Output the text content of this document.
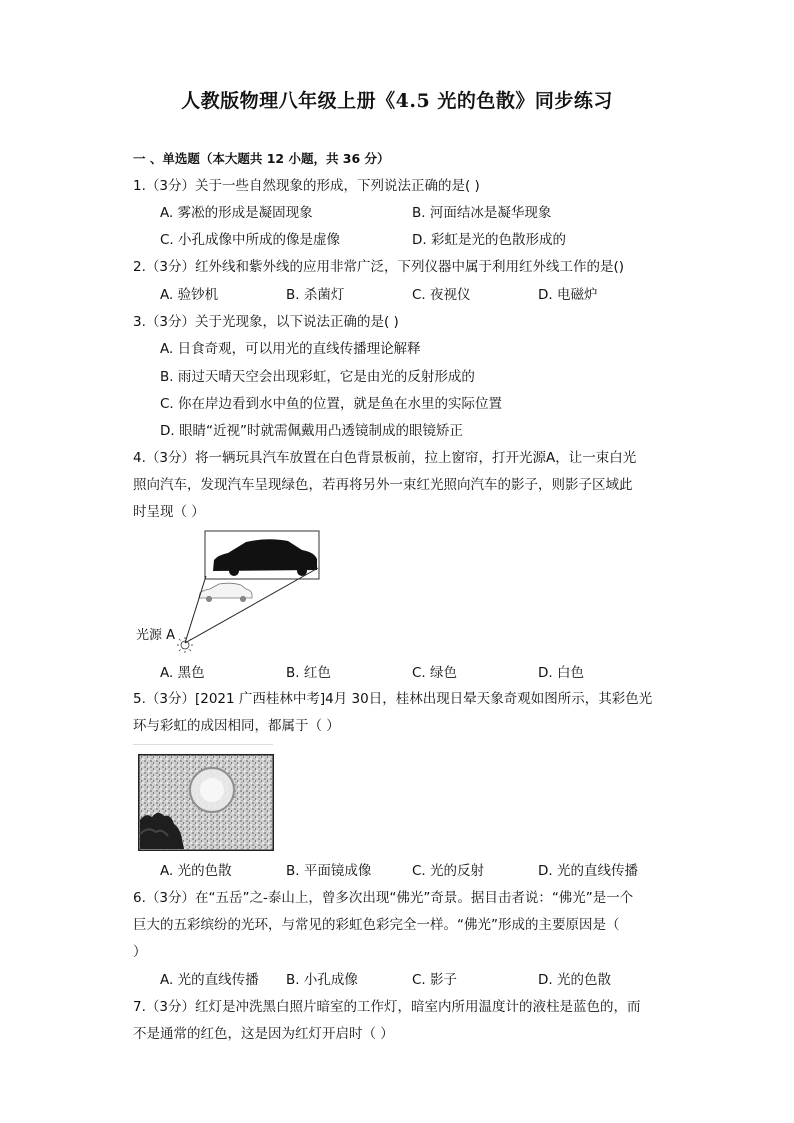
人教版物理八年级上册《4.5 光的色散》同步练习
一 、单选题（本大题共 12 小题，共 36 分）
1.（3分）关于一些自然现象的形成，下列说法正确的是( )
A. 雾凇的形成是凝固现象	B. 河面结冰是凝华现象
C. 小孔成像中所成的像是虚像	D. 彩虹是光的色散形成的
2.（3分）红外线和紫外线的应用非常广泛，下列仪器中属于利用红外线工作的是()
A. 验钞机	B. 杀菌灯	C. 夜视仪	D. 电磁炉
3.（3分）关于光现象，以下说法正确的是( )
A. 日食奇观，可以用光的直线传播理论解释
B. 雨过天晴天空会出现彩虹，它是由光的反射形成的
C. 你在岸边看到水中鱼的位置，就是鱼在水里的实际位置
D. 眼睛“近视”时就需佩戴用凸透镜制成的眼镜矫正
4.（3分）将一辆玩具汽车放置在白色背景板前，拉上窗帘，打开光源A，让一束白光
照向汽车，发现汽车呈现绿色，若再将另外一束红光照向汽车的影子，则影子区域此
时呈现（ ）
光源 A
A. 黑色	B. 红色	C. 绿色	D. 白色
5.（3分）[2021 广西桂林中考]4月 30日，桂林出现日晕天象奇观如图所示，其彩色光
环与彩虹的成因相同，都属于（ ）
A. 光的色散	B. 平面镜成像	C. 光的反射	D. 光的直线传播
6.（3分）在“五岳”之-泰山上，曾多次出现“佛光”奇景。据目击者说：“佛光”是一个
巨大的五彩缤纷的光环，与常见的彩虹色彩完全一样。“佛光”形成的主要原因是（
）
A. 光的直线传播 B. 小孔成像	C. 影子	D. 光的色散
7.（3分）红灯是冲洗黑白照片暗室的工作灯，暗室内所用温度计的液柱是蓝色的，而
不是通常的红色，这是因为红灯开启时（ ）
